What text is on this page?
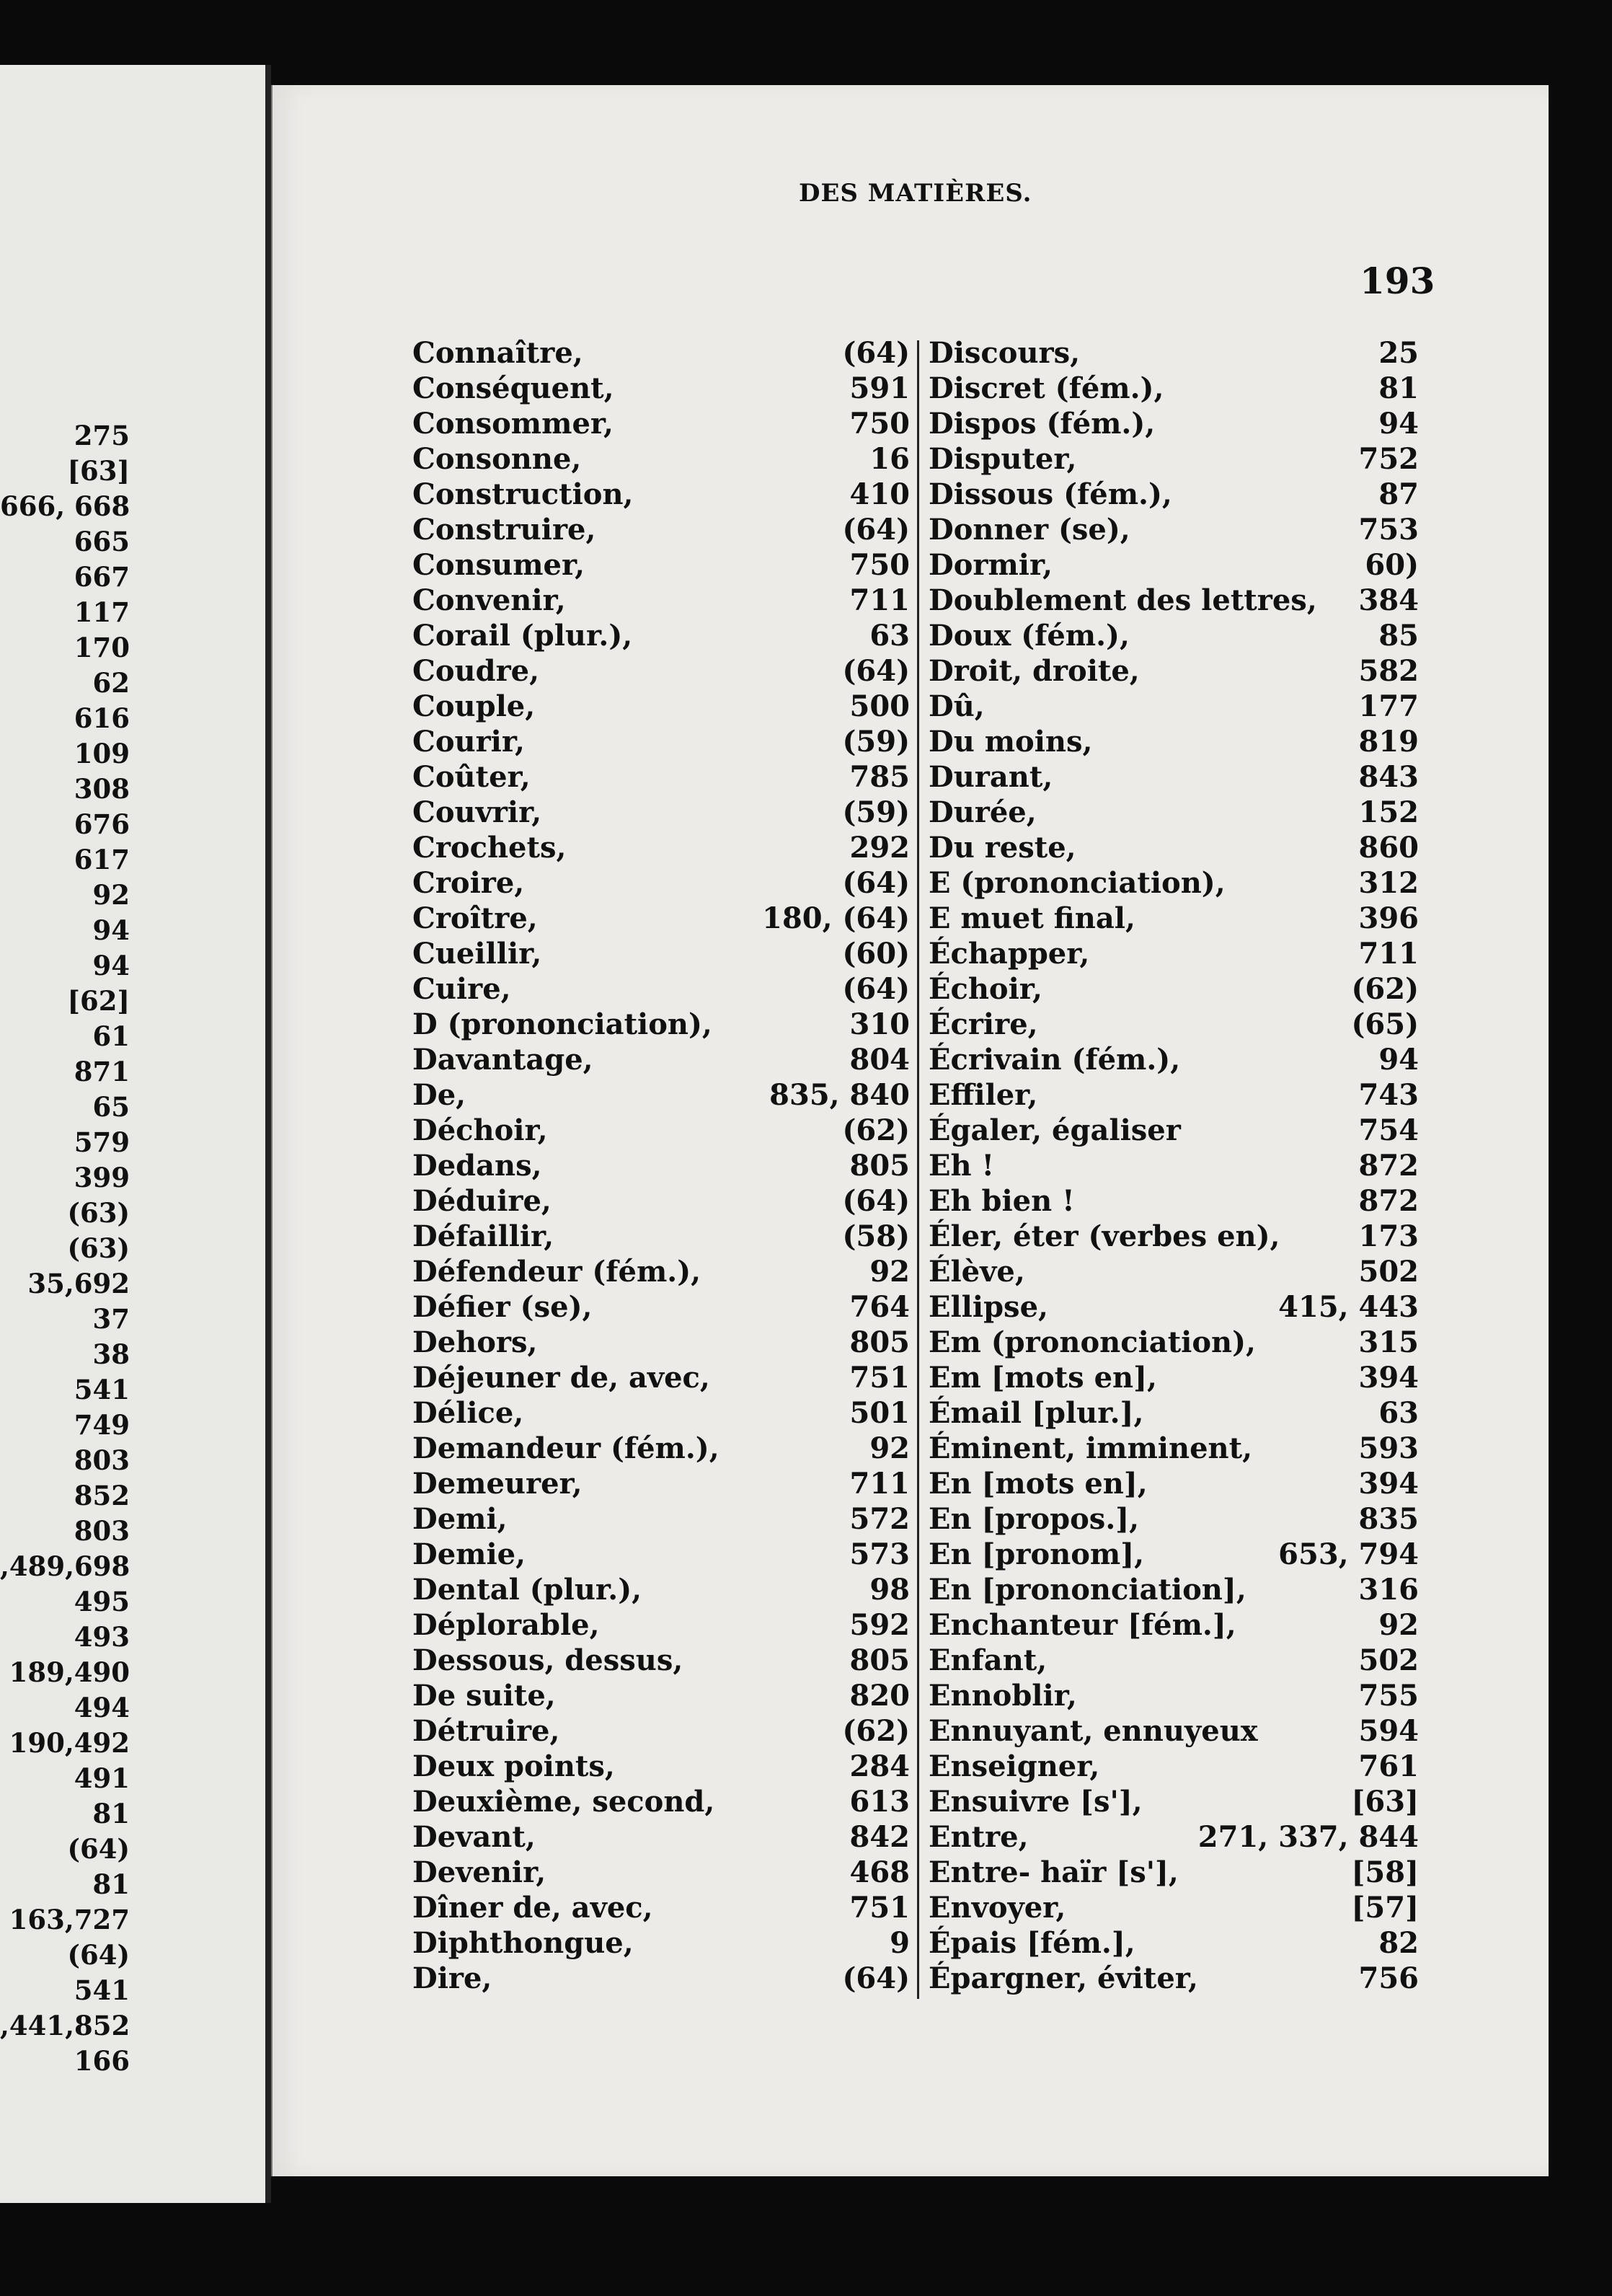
275
[63]
666, 668
665
667
117
170
62
616
109
308
676
617
92
94
94
[62]
61
871
65
579
399
(63)
(63)
35,692
37
38
541
749
803
852
803
,489,698
495
493
189,490
494
190,492
491
81
(64)
81
163,727
(64)
541
,441,852
166
DES MATIÈRES.
193
Connaître,	(64)
Conséquent,	591
Consommer,	750
Consonne,	16
Construction,	410
Construire,	(64)
Consumer,	750
Convenir,	711
Corail (plur.),	63
Coudre,	(64)
Couple,	500
Courir,	(59)
Coûter,	785
Couvrir,	(59)
Crochets,	292
Croire,	(64)
Croître,	180, (64)
Cueillir,	(60)
Cuire,	(64)
D (prononciation),	310
Davantage,	804
De,	835, 840
Déchoir,	(62)
Dedans,	805
Déduire,	(64)
Défaillir,	(58)
Défendeur (fém.),	92
Défier (se),	764
Dehors,	805
Déjeuner de, avec,	751
Délice,	501
Demandeur (fém.),	92
Demeurer,	711
Demi,	572
Demie,	573
Dental (plur.),	98
Déplorable,	592
Dessous, dessus,	805
De suite,	820
Détruire,	(62)
Deux points,	284
Deuxième, second,	613
Devant,	842
Devenir,	468
Dîner de, avec,	751
Diphthongue,	9
Dire,	(64)
Discours,	25
Discret (fém.),	81
Dispos (fém.),	94
Disputer,	752
Dissous (fém.),	87
Donner (se),	753
Dormir,	60)
Doublement des lettres, 384
Doux (fém.),	85
Droit, droite,	582
Dû,	177
Du moins,	819
Durant,	843
Durée,	152
Du reste,	860
E (prononciation),	312
E muet final,	396
Échapper,	711
Échoir,	(62)
Écrire,	(65)
Écrivain (fém.),	94
Effiler,	743
Égaler, égaliser	754
Eh !	872
Eh bien !	872
Éler, éter (verbes en),	173
Élève,	502
Ellipse,	415, 443
Em (prononciation),	315
Em [mots en],	394
Émail [plur.],	63
Éminent, imminent,	593
En [mots en],	394
En [propos.],	835
En [pronom],	653, 794
En [prononciation],	316
Enchanteur [fém.],	92
Enfant,	502
Ennoblir,	755
Ennuyant, ennuyeux	594
Enseigner,	761
Ensuivre [s'],	[63]
Entre,	271, 337, 844
Entre- haïr [s'],	[58]
Envoyer,	[57]
Épais [fém.],	82
Épargner, éviter,	756
